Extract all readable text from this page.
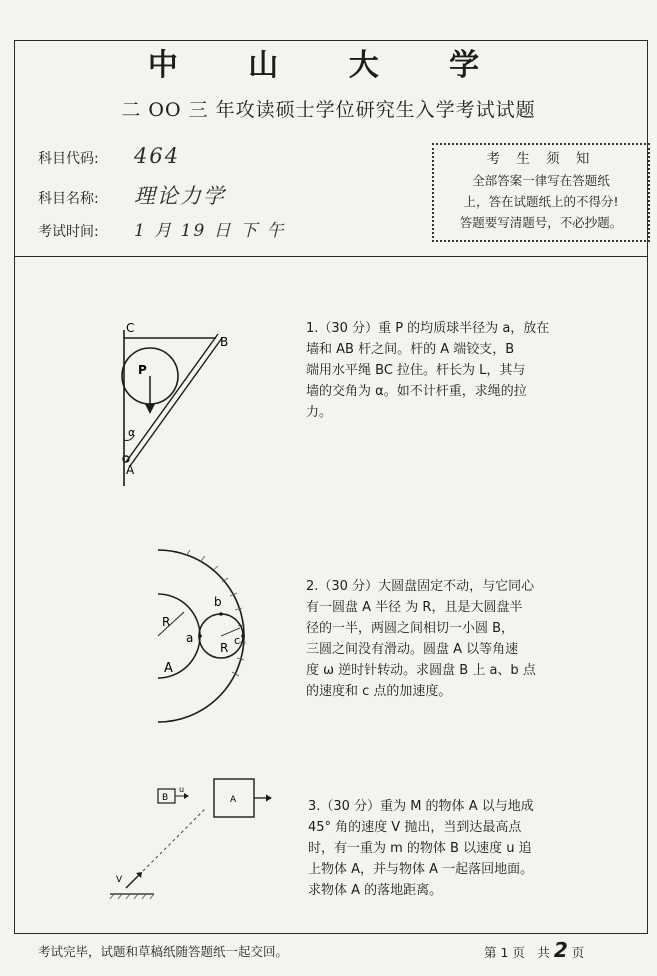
中 山 大 学
二 OO 三 年攻读硕士学位研究生入学考试试题
科目代码: 464
科目名称: 理论力学
考试时间: 1 月 19 日 下 午
考 生 须 知
全部答案一律写在答题纸
上，答在试题纸上的不得分!
答题要写清题号，不必抄题。
C
B
P
α
A
1.（30 分）重 P 的均质球半径为 a，放在
墙和 AB 杆之间。杆的 A 端铰支，B
端用水平绳 BC 拉住。杆长为 L，其与
墙的交角为 α。如不计杆重，求绳的拉
力。
R
a
A
b
R
c
2.（30 分）大圆盘固定不动，与它同心
有一圆盘 A 半径 为 R，且是大圆盘半
径的一半，两圆之间相切一小圆 B，
三圆之间没有滑动。圆盘 A 以等角速
度 ω 逆时针转动。求圆盘 B 上 a、b 点
的速度和 c 点的加速度。
B
u
A
V
3.（30 分）重为 M 的物体 A 以与地成
45° 角的速度 V 抛出，当到达最高点
时，有一重为 m 的物体 B 以速度 u 追
上物体 A，并与物体 A 一起落回地面。
求物体 A 的落地距离。
考试完毕，试题和草稿纸随答题纸一起交回。	第 1 页　共 2 页
